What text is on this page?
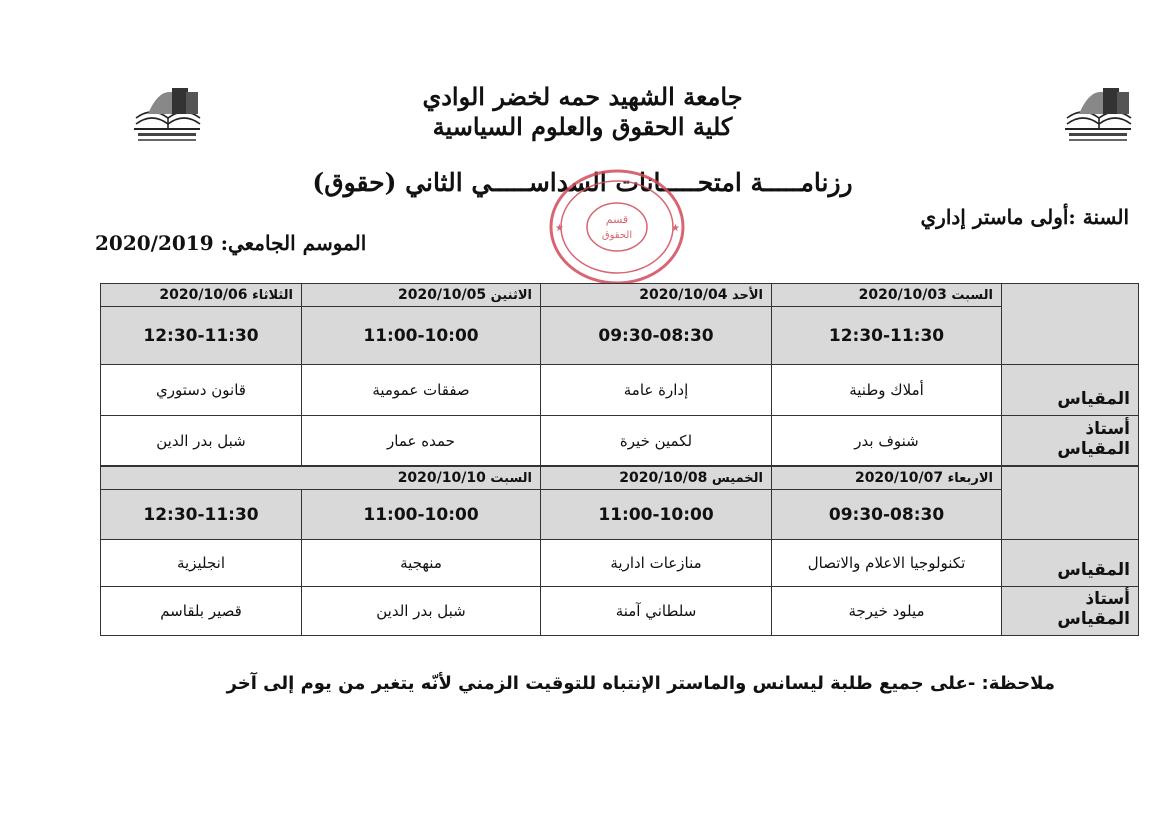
جامعة الشهيد حمه لخضر الوادي
كلية الحقوق والعلوم السياسية
رزنامـــــة امتحـــــانات السداســـــي الثاني (حقوق)
قسم
الحقوق
★	★	السنة :أولى ماستر إداري
الموسم الجامعي: 2020/2019
	السبت 2020/10/03	الأحد 2020/10/04	الاثنين 2020/10/05	الثلاثاء 2020/10/06
	12:30-11:30	09:30-08:30	11:00-10:00	12:30-11:30
المقياس	أملاك وطنية	إدارة عامة	صفقات عمومية	قانون دستوري
أستاذ المقياس	شنوف بدر	لكمين خيرة	حمده عمار	شبل بدر الدين
	الاربعاء 2020/10/07	الخميس 2020/10/08	السبت 2020/10/10	
	09:30-08:30	11:00-10:00	11:00-10:00	12:30-11:30
المقياس	تكنولوجيا الاعلام والاتصال	منازعات ادارية	منهجية	انجليزية
أستاذ المقياس	ميلود خيرجة	سلطاني آمنة	شبل بدر الدين	قصير بلقاسم
ملاحظة: -على جميع طلبة ليسانس والماستر الإنتباه للتوقيت الزمني لأنّه يتغير من يوم إلى آخر
